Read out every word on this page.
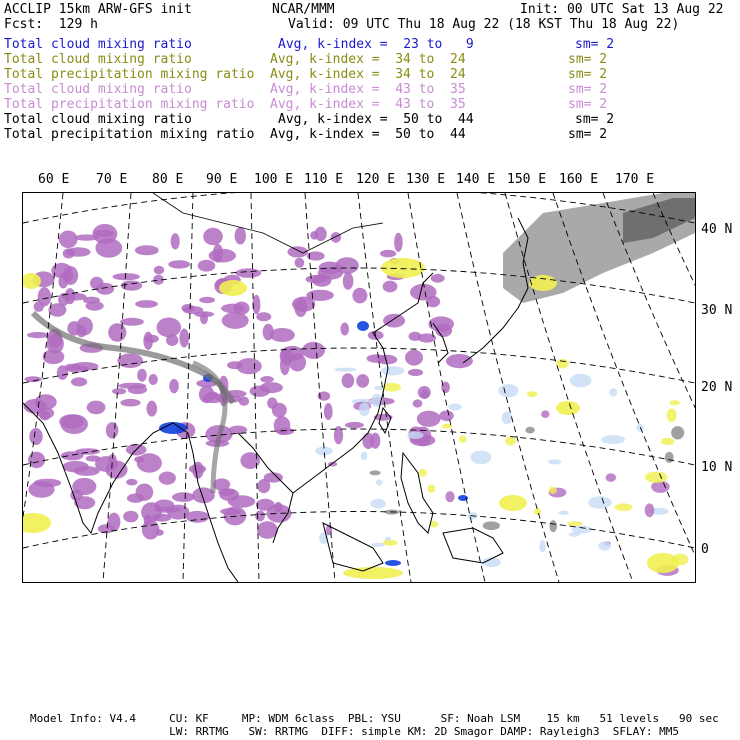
ACCLIP 15km ARW-GFS init	NCAR/MMM	Init: 00 UTC Sat 13 Aug 22
Fcst:  129 h	Valid: 09 UTC Thu 18 Aug 22 (18 KST Thu 18 Aug 22)
Total cloud mixing ratio	Avg, k-index =  23 to   9	sm= 2
Total cloud mixing ratio	Avg, k-index =  34 to  24	sm= 2
Total precipitation mixing ratio Avg, k-index =  34 to  24	sm= 2
Total cloud mixing ratio	Avg, k-index =  43 to  35	sm= 2
Total precipitation mixing ratio Avg, k-index =  43 to  35	sm= 2
Total cloud mixing ratio	Avg, k-index =  50 to  44	sm= 2
Total precipitation mixing ratio Avg, k-index =  50 to  44	sm= 2
60 E 70 E 80 E 90 E 100 E 110 E 120 E 130 E 140 E 150 E 160 E 170 E
40 N
30 N
20 N
10 N
0
Model Info: V4.4     CU: KF     MP: WDM 6class  PBL: YSU      SF: Noah LSM    15 km   51 levels   90 sec
LW: RRTMG   SW: RRTMG  DIFF: simple KM: 2D Smagor DAMP: Rayleigh3  SFLAY: MM5
